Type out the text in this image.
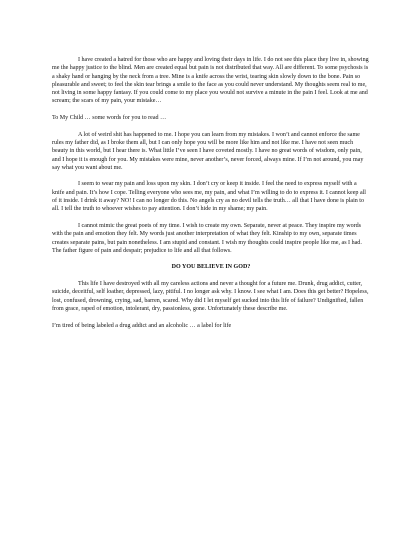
I have created a hatred for those who are happy and loving their days in life. I do not see this place they live in, showing me the happy justice to the blind. Men are created equal but pain is not distributed that way. All are different. To some psychosis is a shaky hand or hanging by the neck from a tree. Mine is a knife across the wrist, tearing skin slowly down to the bone. Pain so pleasurable and sweet; to feel the skin tear brings a smile to the face as you could never understand. My thoughts seem real to me, not living in some happy fantasy. If you could come to my place you would not survive a minute in the pain I feel. Look at me and scream; the scars of my pain, your mistake…

To My Child … some words for you to read …

A lot of weird shit has happened to me. I hope you can learn from my mistakes. I won’t and cannot enforce the same rules my father did, as I broke them all, but I can only hope you will be more like him and not like me. I have not seen much beauty in this world, but I hear there is. What little I’ve seen I have coveted mostly. I have no great words of wisdom, only pain, and I hope it is enough for you. My mistakes were mine, never another’s, never forced, always mine. If I’m not around, you may say what you want about me.

I seem to wear my pain and loss upon my skin. I don’t cry or keep it inside. I feel the need to express myself with a knife and pain. It’s how I cope. Telling everyone who sees me, my pain, and what I’m willing to do to express it. I cannot keep all of it inside. I drink it away? NO! I can no longer do this. No angels cry as no devil tells the truth… all that I have done is plain to all. I tell the truth to whoever wishes to pay attention. I don’t hide in my shame; my pain.

I cannot mimic the great poets of my time. I wish to create my own. Separate, never at peace. They inspire my words with the pain and emotion they felt. My words just another interpretation of what they felt. Kinship to my own, separate times creates separate pains, but pain nonetheless. I am stupid and constant. I wish my thoughts could inspire people like me, as I had. The father figure of pain and despair; prejudice to life and all that follows.

DO YOU BELIEVE IN GOD?

This life I have destroyed with all my careless actions and never a thought for a future me. Drunk, drug addict, cutter, suicide, deceitful, self loather, depressed, lazy, pitiful. I no longer ask why. I know. I see what I am. Does this get better? Hopeless, lost, confused, drowning, crying, sad, barren, scared. Why did I let myself get sucked into this life of failure? Undignified, fallen from grace, raped of emotion, intolerant, dry, passionless, gone. Unfortunately these describe me.

I’m tired of being labeled a drug addict and an alcoholic … a label for life
